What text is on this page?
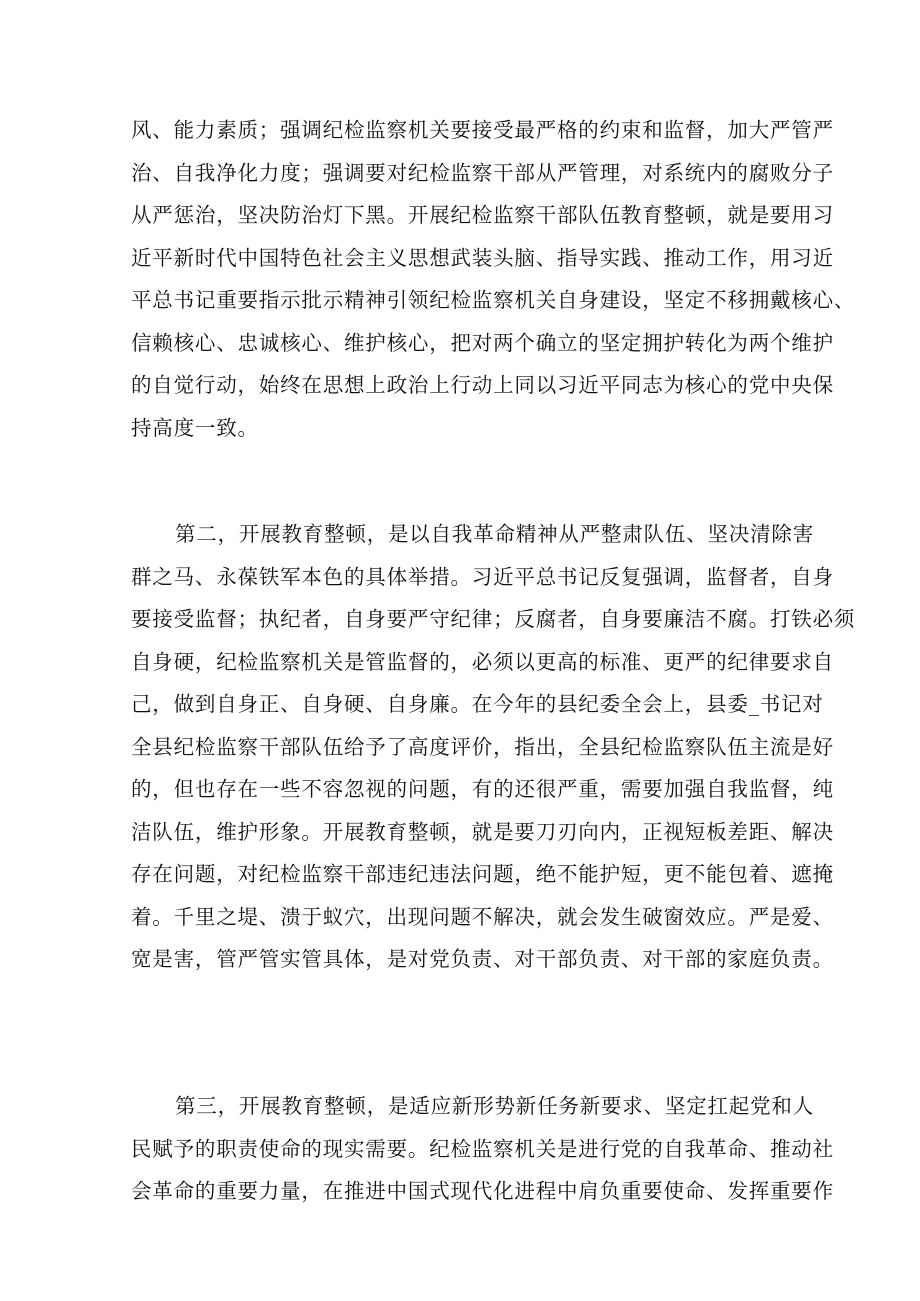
风、能力素质；强调纪检监察机关要接受最严格的约束和监督，加大严管严
治、自我净化力度；强调要对纪检监察干部从严管理，对系统内的腐败分子
从严惩治，坚决防治灯下黑。开展纪检监察干部队伍教育整顿，就是要用习
近平新时代中国特色社会主义思想武装头脑、指导实践、推动工作，用习近
平总书记重要指示批示精神引领纪检监察机关自身建设，坚定不移拥戴核心、
信赖核心、忠诚核心、维护核心，把对两个确立的坚定拥护转化为两个维护
的自觉行动，始终在思想上政治上行动上同以习近平同志为核心的党中央保
持高度一致。
第二，开展教育整顿，是以自我革命精神从严整肃队伍、坚决清除害
群之马、永葆铁军本色的具体举措。习近平总书记反复强调，监督者，自身
要接受监督；执纪者，自身要严守纪律；反腐者，自身要廉洁不腐。打铁必须
自身硬，纪检监察机关是管监督的，必须以更高的标准、更严的纪律要求自
己，做到自身正、自身硬、自身廉。在今年的县纪委全会上，县委_书记对
全县纪检监察干部队伍给予了高度评价，指出，全县纪检监察队伍主流是好
的，但也存在一些不容忽视的问题，有的还很严重，需要加强自我监督，纯
洁队伍，维护形象。开展教育整顿，就是要刀刃向内，正视短板差距、解决
存在问题，对纪检监察干部违纪违法问题，绝不能护短，更不能包着、遮掩
着。千里之堤、溃于蚁穴，出现问题不解决，就会发生破窗效应。严是爱、
宽是害，管严管实管具体，是对党负责、对干部负责、对干部的家庭负责。
第三，开展教育整顿，是适应新形势新任务新要求、坚定扛起党和人
民赋予的职责使命的现实需要。纪检监察机关是进行党的自我革命、推动社
会革命的重要力量，在推进中国式现代化进程中肩负重要使命、发挥重要作
